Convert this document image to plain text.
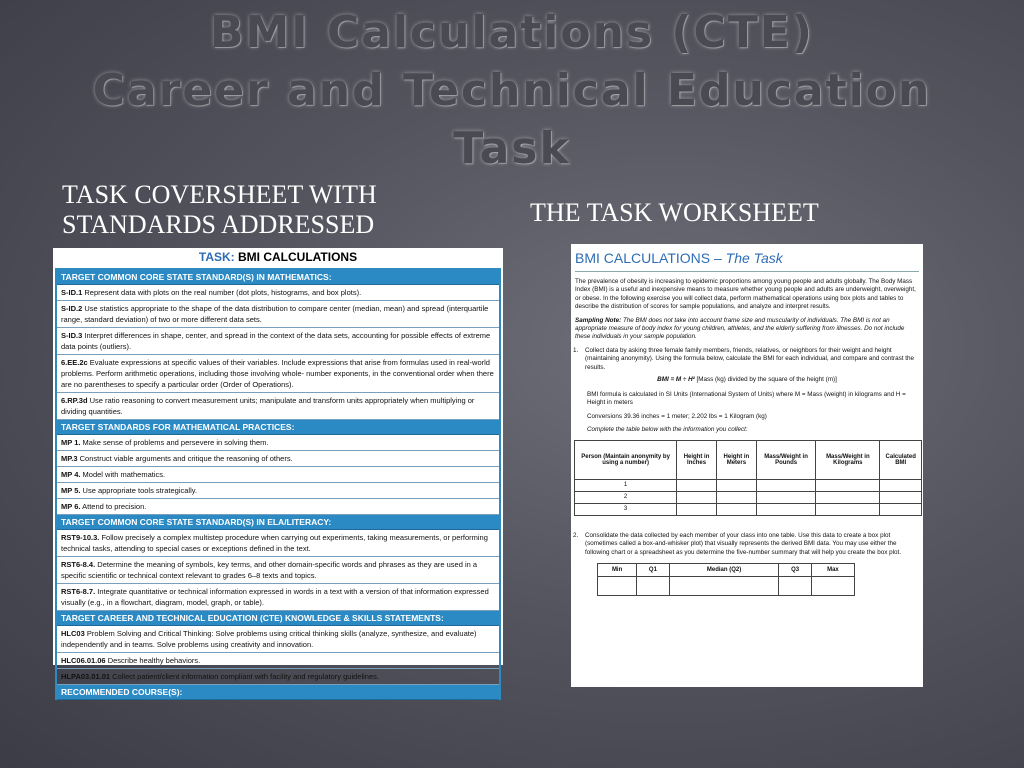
BMI Calculations (CTE)
Career and Technical Education
Task
TASK COVERSHEET WITH
STANDARDS ADDRESSED	THE TASK WORKSHEET
TASK: BMI CALCULATIONS
TARGET COMMON CORE STATE STANDARD(S) IN MATHEMATICS:
S-ID.1 Represent data with plots on the real number (dot plots, histograms, and box plots).
S-ID.2 Use statistics appropriate to the shape of the data distribution to compare center (median, mean) and spread (interquartile range, standard deviation) of two or more different data sets.
S-ID.3 Interpret differences in shape, center, and spread in the context of the data sets, accounting for possible effects of extreme data points (outliers).
6.EE.2c Evaluate expressions at specific values of their variables. Include expressions that arise from formulas used in real-world problems. Perform arithmetic operations, including those involving whole- number exponents, in the conventional order when there are no parentheses to specify a particular order (Order of Operations).
6.RP.3d Use ratio reasoning to convert measurement units; manipulate and transform units appropriately when multiplying or dividing quantities.
TARGET STANDARDS FOR MATHEMATICAL PRACTICES:
MP 1. Make sense of problems and persevere in solving them.
MP.3 Construct viable arguments and critique the reasoning of others.
MP 4. Model with mathematics.
MP 5. Use appropriate tools strategically.
MP 6. Attend to precision.
TARGET COMMON CORE STATE STANDARD(S) IN ELA/LITERACY:
RST9-10.3. Follow precisely a complex multistep procedure when carrying out experiments, taking measurements, or performing technical tasks, attending to special cases or exceptions defined in the text.
RST6-8.4. Determine the meaning of symbols, key terms, and other domain-specific words and phrases as they are used in a specific scientific or technical context relevant to grades 6–8 texts and topics.
RST6-8.7. Integrate quantitative or technical information expressed in words in a text with a version of that information expressed visually (e.g., in a flowchart, diagram, model, graph, or table).
TARGET CAREER AND TECHNICAL EDUCATION (CTE) KNOWLEDGE & SKILLS STATEMENTS:
HLC03 Problem Solving and Critical Thinking: Solve problems using critical thinking skills (analyze, synthesize, and evaluate) independently and in teams. Solve problems using creativity and innovation.
HLC06.01.06 Describe healthy behaviors.
HLPA03.01.01 Collect patient/client information compliant with facility and regulatory guidelines.
RECOMMENDED COURSE(S):
BMI CALCULATIONS – The Task

The prevalence of obesity is increasing to epidemic proportions among young people and adults globally. The Body Mass Index (BMI) is a useful and inexpensive means to measure whether young people and adults are underweight, overweight, or obese. In the following exercise you will collect data, perform mathematical operations using box plots and tables to describe the distribution of scores for sample populations, and analyze and interpret results.

Sampling Note: The BMI does not take into account frame size and muscularity of individuals. The BMI is not an appropriate measure of body index for young children, athletes, and the elderly suffering from illnesses. Do not include these individuals in your sample population.

1.	Collect data by asking three female family members, friends, relatives, or neighbors for their weight and height (maintaining anonymity). Using the formula below, calculate the BMI for each individual, and compare and contrast the results.
BMI = M ÷ H² [Mass (kg) divided by the square of the height (m)]

BMI formula is calculated in SI Units (International System of Units) where M = Mass (weight) in kilograms and H = Height in meters

Conversions 39.36 inches = 1 meter; 2.202 lbs = 1 Kilogram (kg)

Complete the table below with the information you collect:

Person (Maintain anonymity by using a number)	Height in Inches	Height in Meters	Mass/Weight in Pounds	Mass/Weight in Kilograms	Calculated BMI
1					
2					
3					
2.	Consolidate the data collected by each member of your class into one table. Use this data to create a box plot (sometimes called a box-and-whisker plot) that visually represents the derived BMI data. You may use either the following chart or a spreadsheet as you determine the five-number summary that will help you create the box plot.
Min	Q1	Median (Q2)	Q3	Max
